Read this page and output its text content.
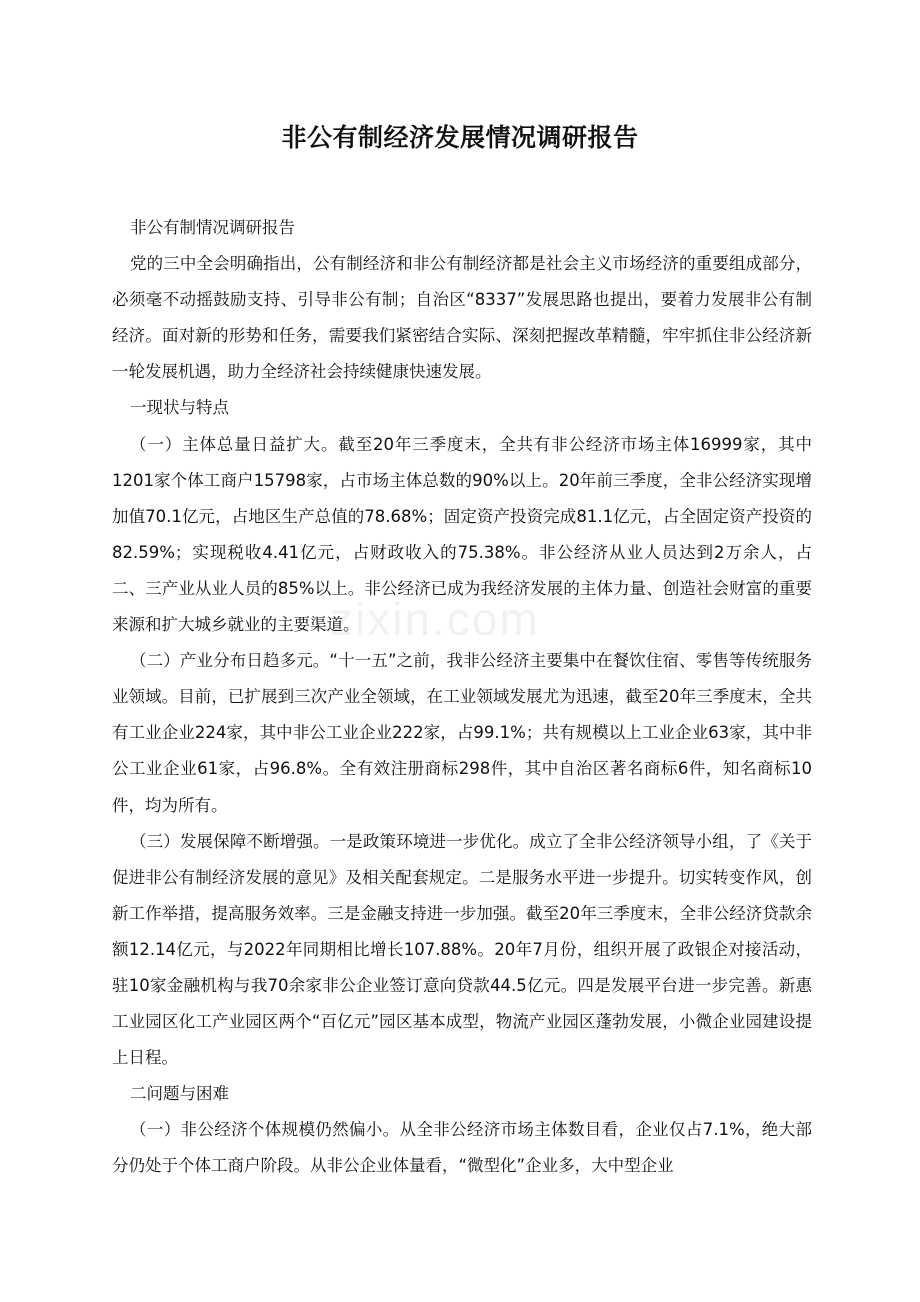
非公有制经济发展情况调研报告
zixin.com

非公有制情况调研报告

党的三中全会明确指出，公有制经济和非公有制经济都是社会主义市场经济的重要组成部分，必须毫不动摇鼓励支持、引导非公有制；自治区“8337”发展思路也提出，要着力发展非公有制经济。面对新的形势和任务，需要我们紧密结合实际、深刻把握改革精髓，牢牢抓住非公经济新一轮发展机遇，助力全经济社会持续健康快速发展。

一现状与特点

（一）主体总量日益扩大。截至20年三季度末，全共有非公经济市场主体16999家，其中1201家个体工商户15798家，占市场主体总数的90%以上。20年前三季度，全非公经济实现增加值70.1亿元，占地区生产总值的78.68%；固定资产投资完成81.1亿元，占全固定资产投资的82.59%；实现税收4.41亿元，占财政收入的75.38%。非公经济从业人员达到2万余人，占二、三产业从业人员的85%以上。非公经济已成为我经济发展的主体力量、创造社会财富的重要来源和扩大城乡就业的主要渠道。

（二）产业分布日趋多元。“十一五”之前，我非公经济主要集中在餐饮住宿、零售等传统服务业领域。目前，已扩展到三次产业全领域，在工业领域发展尤为迅速，截至20年三季度末，全共有工业企业224家，其中非公工业企业222家，占99.1%；共有规模以上工业企业63家，其中非公工业企业61家，占96.8%。全有效注册商标298件，其中自治区著名商标6件，知名商标10件，均为所有。

（三）发展保障不断增强。一是政策环境进一步优化。成立了全非公经济领导小组，了《关于促进非公有制经济发展的意见》及相关配套规定。二是服务水平进一步提升。切实转变作风，创新工作举措，提高服务效率。三是金融支持进一步加强。截至20年三季度末，全非公经济贷款余额12.14亿元，与2022年同期相比增长107.88%。20年7月份，组织开展了政银企对接活动，驻10家金融机构与我70余家非公企业签订意向贷款44.5亿元。四是发展平台进一步完善。新惠工业园区化工产业园区两个“百亿元”园区基本成型，物流产业园区蓬勃发展，小微企业园建设提上日程。

二问题与困难

（一）非公经济个体规模仍然偏小。从全非公经济市场主体数目看，企业仅占7.1%，绝大部分仍处于个体工商户阶段。从非公企业体量看，“微型化”企业多，大中型企业
